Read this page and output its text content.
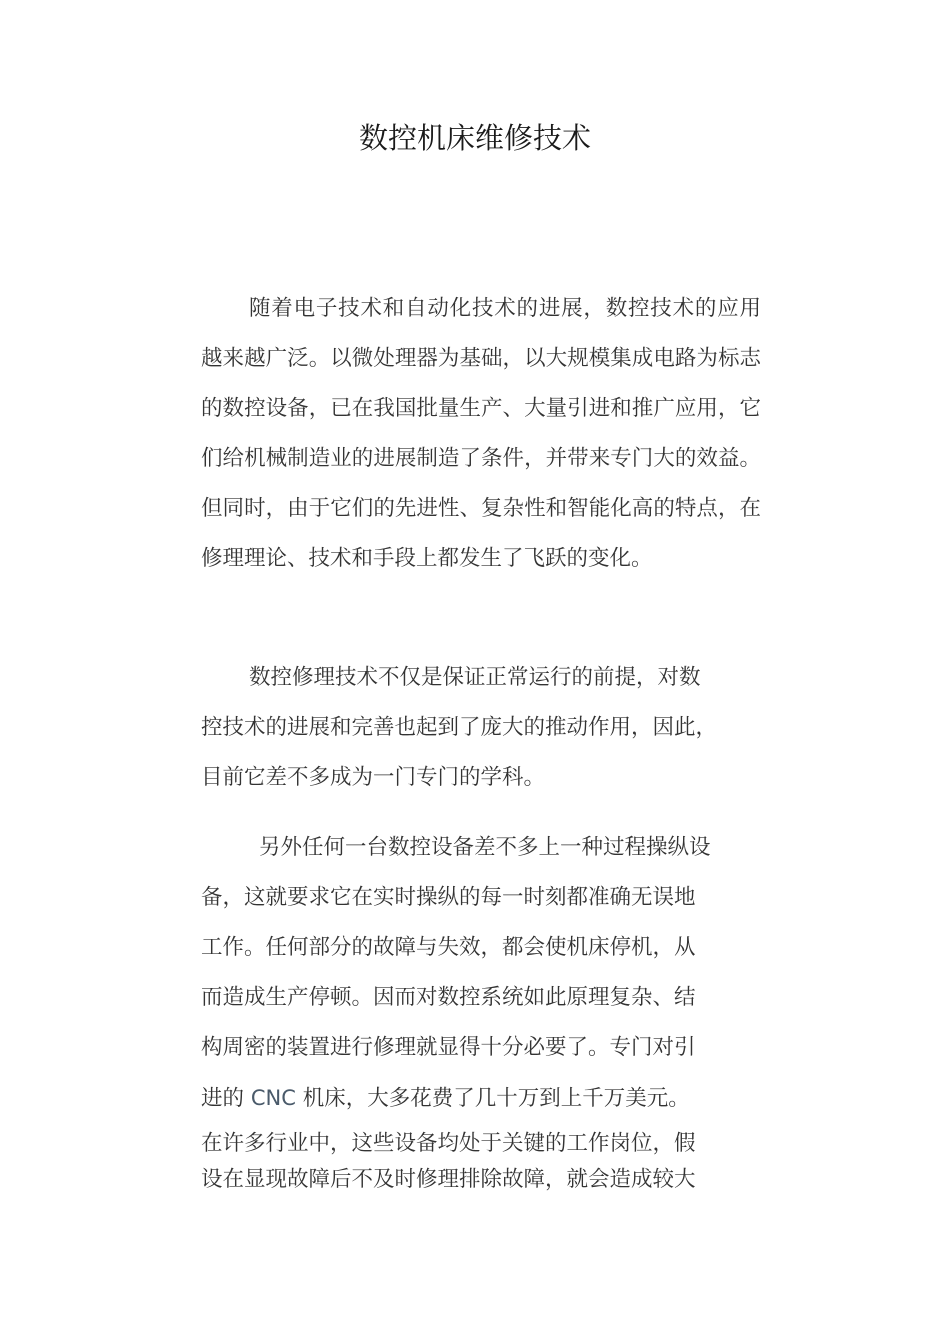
数控机床维修技术
随着电子技术和自动化技术的进展，数控技术的应用越来越广泛。以微处理器为基础，以大规模集成电路为标志的数控设备，已在我国批量生产、大量引进和推广应用，它们给机械制造业的进展制造了条件，并带来专门大的效益。但同时，由于它们的先进性、复杂性和智能化高的特点，在修理理论、技术和手段上都发生了飞跃的变化。
数控修理技术不仅是保证正常运行的前提，对数
控技术的进展和完善也起到了庞大的推动作用，因此，
目前它差不多成为一门专门的学科。
另外任何一台数控设备差不多上一种过程操纵设
备，这就要求它在实时操纵的每一时刻都准确无误地
工作。任何部分的故障与失效，都会使机床停机，从
而造成生产停顿。因而对数控系统如此原理复杂、结
构周密的装置进行修理就显得十分必要了。专门对引
进的 CNC 机床，大多花费了几十万到上千万美元。
在许多行业中，这些设备均处于关键的工作岗位，假
设在显现故障后不及时修理排除故障，就会造成较大
